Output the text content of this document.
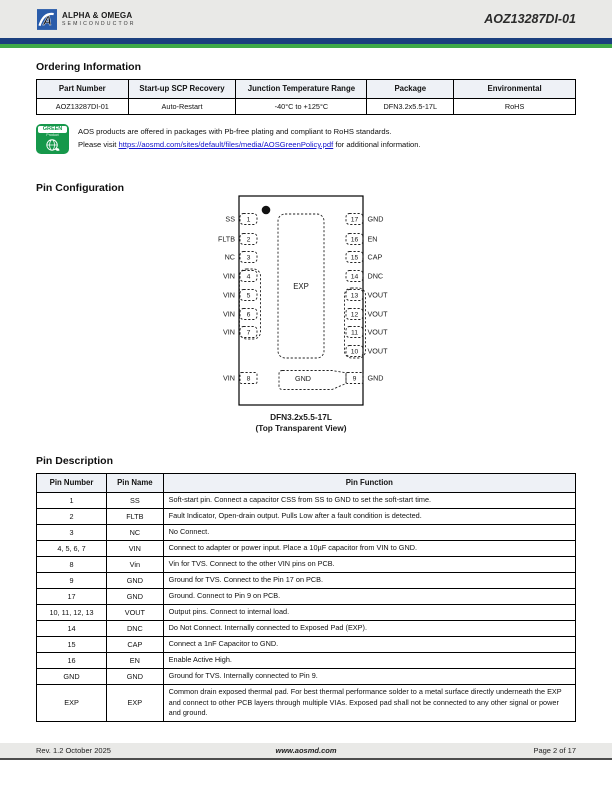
A ALPHA & OMEGA
SEMICONDUCTOR	AOZ13287DI-01
Ordering Information
Part Number	Start-up SCP Recovery	Junction Temperature Range	Package	Environmental
AOZ13287DI-01	Auto-Restart	-40°C to +125°C	DFN3.2x5.5-17L	RoHS
GREEN
Product	AOS products are offered in packages with Pb-free plating and compliant to RoHS standards.
Please visit https://aosmd.com/sites/default/files/media/AOSGreenPolicy.pdf for additional information.
Pin Configuration
EXP
1
SS
2
FLTB
3
NC
4
VIN
5
VIN
6
VIN
7
VIN
17 GND
16 EN
15 CAP
14 DNC
13 VOUT
12 VOUT
11 VOUT
10 VOUT
8
VIN	9 GND
GND
DFN3.2x5.5-17L
(Top Transparent View)
Pin Description
Pin Number	Pin Name	Pin Function
1	SS	Soft-start pin. Connect a capacitor CSS from SS to GND to set the soft-start time.
2	FLTB	Fault Indicator, Open-drain output. Pulls Low after a fault condition is detected.
3	NC	No Connect.
4, 5, 6, 7	VIN	Connect to adapter or power input. Place a 10µF capacitor from VIN to GND.
8	Vin	Vin for TVS. Connect to the other VIN pins on PCB.
9	GND	Ground for TVS. Connect to the Pin 17 on PCB.
17	GND	Ground. Connect to Pin 9 on PCB.
10, 11, 12, 13	VOUT	Output pins. Connect to internal load.
14	DNC	Do Not Connect. Internally connected to Exposed Pad (EXP).
15	CAP	Connect a 1nF Capacitor to GND.
16	EN	Enable Active High.
GND	GND	Ground for TVS. Internally connected to Pin 9.
EXP	EXP	Common drain exposed thermal pad. For best thermal performance solder to a metal surface directly underneath the EXP and connect to other PCB layers through multiple VIAs. Exposed pad shall not be connected to any other signal or power and ground.
Rev. 1.2 October 2025	www.aosmd.com	Page 2 of 17
